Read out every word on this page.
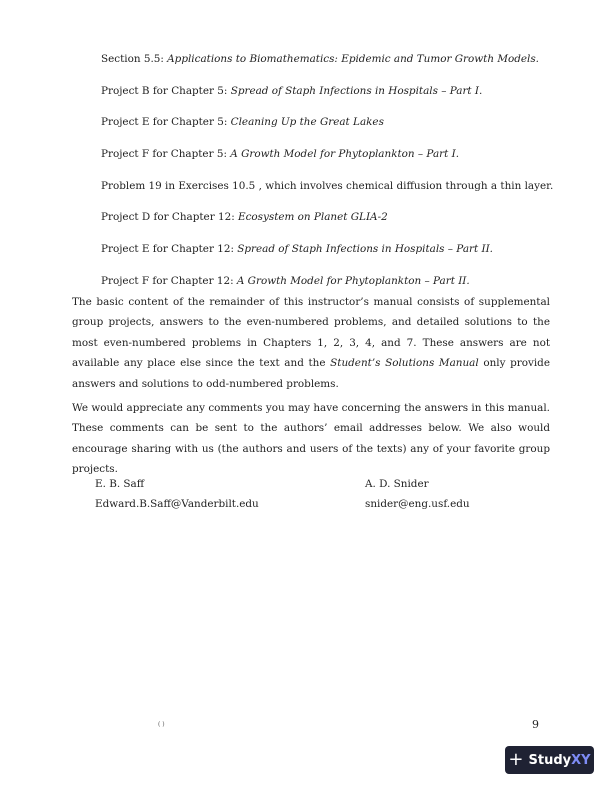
Section 5.5: Applications to Biomathematics: Epidemic and Tumor Growth Models.
Project B for Chapter 5: Spread of Staph Infections in Hospitals – Part I.
Project E for Chapter 5: Cleaning Up the Great Lakes
Project F for Chapter 5: A Growth Model for Phytoplankton – Part I.
Problem 19 in Exercises 10.5 , which involves chemical diffusion through a thin layer.
Project D for Chapter 12: Ecosystem on Planet GLIA-2
Project E for Chapter 12: Spread of Staph Infections in Hospitals – Part II.
Project F for Chapter 12: A Growth Model for Phytoplankton – Part II.

The basic content of the remainder of this instructor’s manual consists of supplemental group projects, answers to the even-numbered problems, and detailed solutions to the most even-numbered problems in Chapters 1, 2, 3, 4, and 7. These answers are not available any place else since the text and the Student’s Solutions Manual only provide answers and solutions to odd-numbered problems.

We would appreciate any comments you may have concerning the answers in this manual. These comments can be sent to the authors’ email addresses below. We also would encourage sharing with us (the authors and users of the texts) any of your favorite group projects.

E. B. Saff
Edward.B.Saff@Vanderbilt.edu
A. D. Snider
snider@eng.usf.edu
( )	9
+ StudyXY
